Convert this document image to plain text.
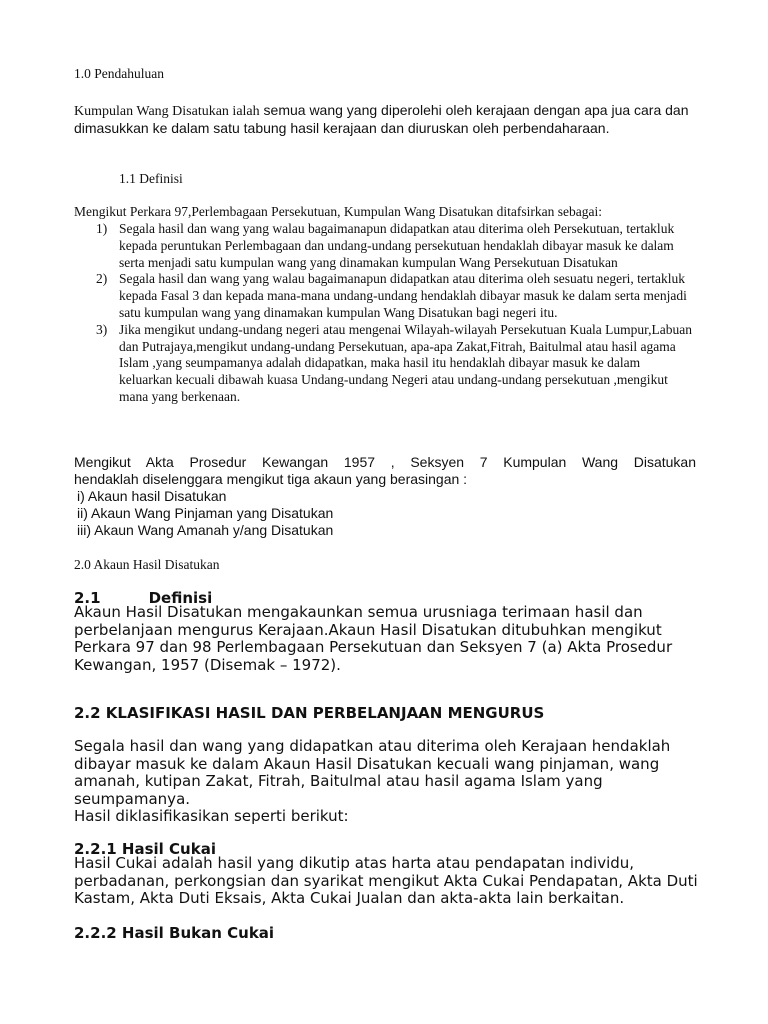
1.0 Pendahuluan

Kumpulan Wang Disatukan ialah semua wang yang diperolehi oleh kerajaan dengan apa jua cara dan dimasukkan ke dalam satu tabung hasil kerajaan dan diuruskan oleh perbendaharaan.

1.1 Definisi

Mengikut Perkara 97,Perlembagaan Persekutuan, Kumpulan Wang Disatukan ditafsirkan sebagai:

1) Segala hasil dan wang yang walau bagaimanapun didapatkan atau diterima oleh Persekutuan, tertakluk kepada peruntukan Perlembagaan dan undang-undang persekutuan hendaklah dibayar masuk ke dalam serta menjadi satu kumpulan wang yang dinamakan kumpulan Wang Persekutuan Disatukan
2) Segala hasil dan wang yang walau bagaimanapun didapatkan atau diterima oleh sesuatu negeri, tertakluk kepada Fasal 3 dan kepada mana-mana undang-undang hendaklah dibayar masuk ke dalam serta menjadi satu kumpulan wang yang dinamakan kumpulan Wang Disatukan bagi negeri itu.
3) Jika mengikut undang-undang negeri atau mengenai Wilayah-wilayah Persekutuan Kuala Lumpur,Labuan dan Putrajaya,mengikut undang-undang Persekutuan, apa-apa Zakat,Fitrah, Baitulmal atau hasil agama Islam ,yang seumpamanya adalah didapatkan, maka hasil itu hendaklah dibayar masuk ke dalam keluarkan kecuali dibawah kuasa Undang-undang Negeri atau undang-undang persekutuan ,mengikut mana yang berkenaan.

Mengikut Akta Prosedur Kewangan 1957 , Seksyen 7 Kumpulan Wang Disatukan

hendaklah diselenggara mengikut tiga akaun yang berasingan :

i) Akaun hasil Disatukan

ii) Akaun Wang Pinjaman yang Disatukan

iii) Akaun Wang Amanah y/ang Disatukan

2.0 Akaun Hasil Disatukan

2.1	Definisi

Akaun Hasil Disatukan mengakaunkan semua urusniaga terimaan hasil dan perbelanjaan mengurus Kerajaan.Akaun Hasil Disatukan ditubuhkan mengikut Perkara 97 dan 98 Perlembagaan Persekutuan dan Seksyen 7 (a) Akta Prosedur Kewangan, 1957 (Disemak – 1972).

2.2 KLASIFIKASI HASIL DAN PERBELANJAAN MENGURUS

Segala hasil dan wang yang didapatkan atau diterima oleh Kerajaan hendaklah dibayar masuk ke dalam Akaun Hasil Disatukan kecuali wang pinjaman, wang amanah, kutipan Zakat, Fitrah, Baitulmal atau hasil agama Islam yang seumpamanya.

Hasil diklasifikasikan seperti berikut:

2.2.1 Hasil Cukai

Hasil Cukai adalah hasil yang dikutip atas harta atau pendapatan individu, perbadanan, perkongsian dan syarikat mengikut Akta Cukai Pendapatan, Akta Duti Kastam, Akta Duti Eksais, Akta Cukai Jualan dan akta-akta lain berkaitan.

2.2.2 Hasil Bukan Cukai
